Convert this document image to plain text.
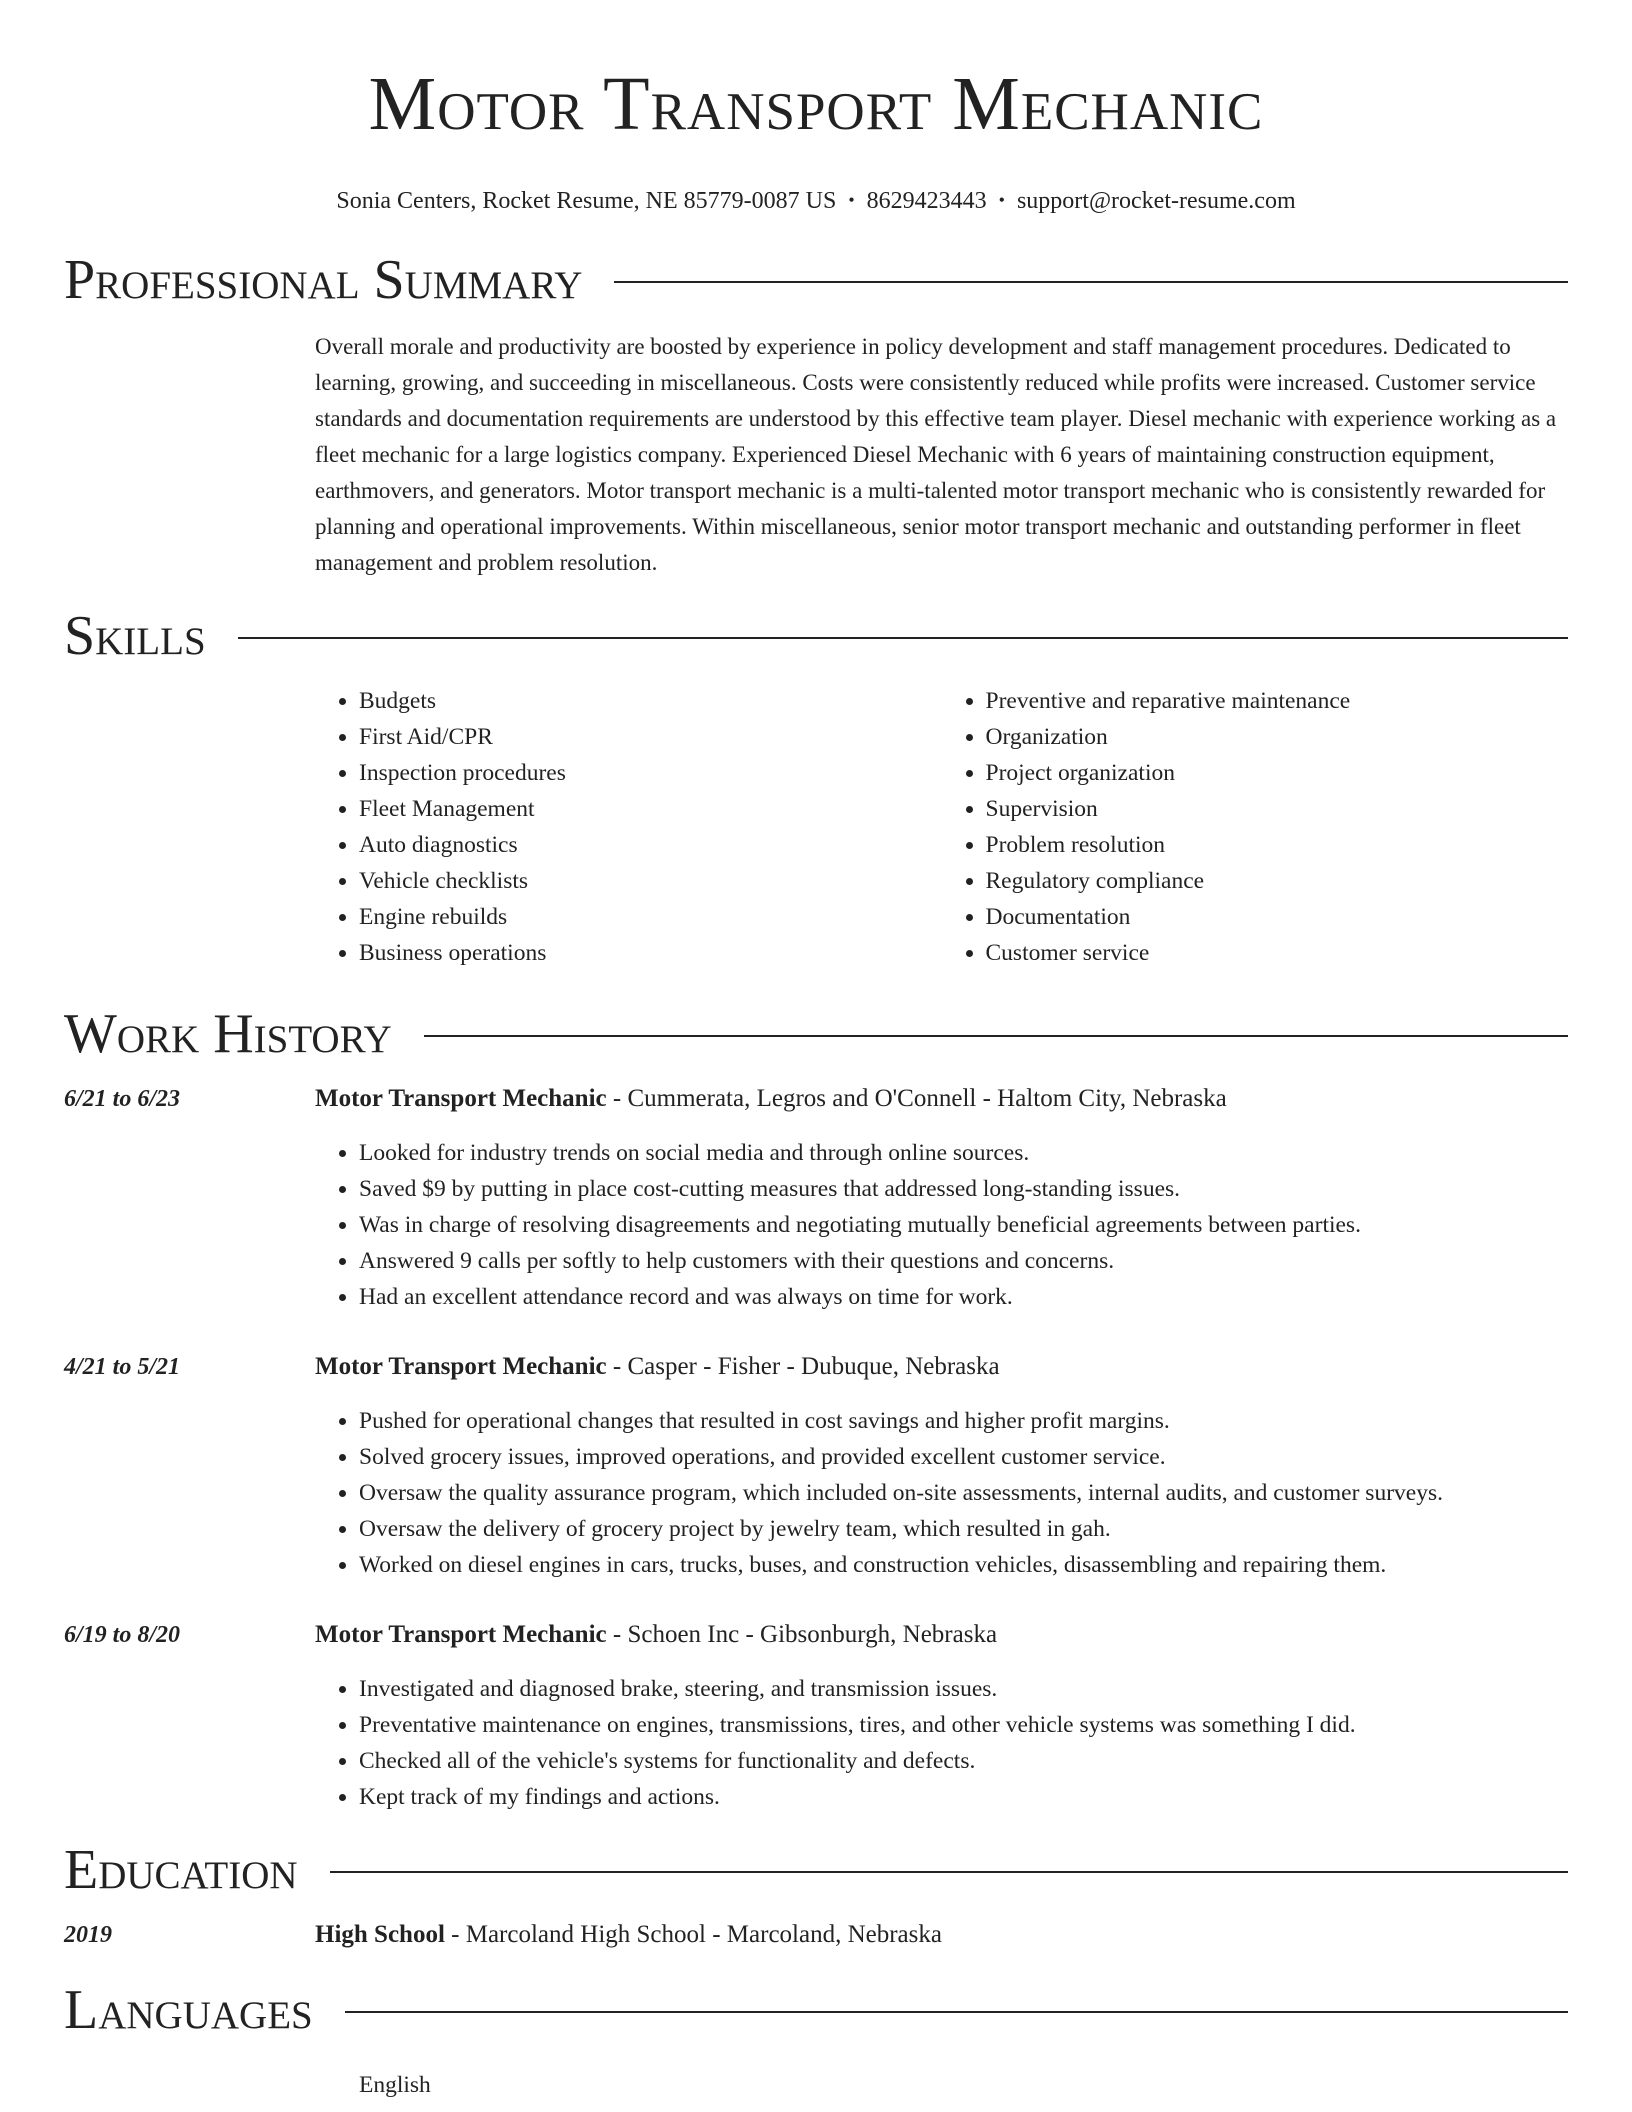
Motor Transport Mechanic
Sonia Centers, Rocket Resume, NE 85779-0087 US • 8629423443 • support@rocket-resume.com
Professional Summary
Overall morale and productivity are boosted by experience in policy development and staff management procedures. Dedicated to learning, growing, and succeeding in miscellaneous. Costs were consistently reduced while profits were increased. Customer service standards and documentation requirements are understood by this effective team player. Diesel mechanic with experience working as a fleet mechanic for a large logistics company. Experienced Diesel Mechanic with 6 years of maintaining construction equipment, earthmovers, and generators. Motor transport mechanic is a multi-talented motor transport mechanic who is consistently rewarded for planning and operational improvements. Within miscellaneous, senior motor transport mechanic and outstanding performer in fleet management and problem resolution.
Skills
• Budgets
• First Aid/CPR
• Inspection procedures
• Fleet Management
• Auto diagnostics
• Vehicle checklists
• Engine rebuilds
• Business operations
• Preventive and reparative maintenance
• Organization
• Project organization
• Supervision
• Problem resolution
• Regulatory compliance
• Documentation
• Customer service
Work History
6/21 to 6/23	Motor Transport Mechanic - Cummerata, Legros and O'Connell - Haltom City, Nebraska
• Looked for industry trends on social media and through online sources.
• Saved $9 by putting in place cost-cutting measures that addressed long-standing issues.
• Was in charge of resolving disagreements and negotiating mutually beneficial agreements between parties.
• Answered 9 calls per softly to help customers with their questions and concerns.
• Had an excellent attendance record and was always on time for work.
4/21 to 5/21	Motor Transport Mechanic - Casper - Fisher - Dubuque, Nebraska
• Pushed for operational changes that resulted in cost savings and higher profit margins.
• Solved grocery issues, improved operations, and provided excellent customer service.
• Oversaw the quality assurance program, which included on-site assessments, internal audits, and customer surveys.
• Oversaw the delivery of grocery project by jewelry team, which resulted in gah.
• Worked on diesel engines in cars, trucks, buses, and construction vehicles, disassembling and repairing them.
6/19 to 8/20	Motor Transport Mechanic - Schoen Inc - Gibsonburgh, Nebraska
• Investigated and diagnosed brake, steering, and transmission issues.
• Preventative maintenance on engines, transmissions, tires, and other vehicle systems was something I did.
• Checked all of the vehicle's systems for functionality and defects.
• Kept track of my findings and actions.
Education
2019	High School - Marcoland High School - Marcoland, Nebraska
Languages
English
